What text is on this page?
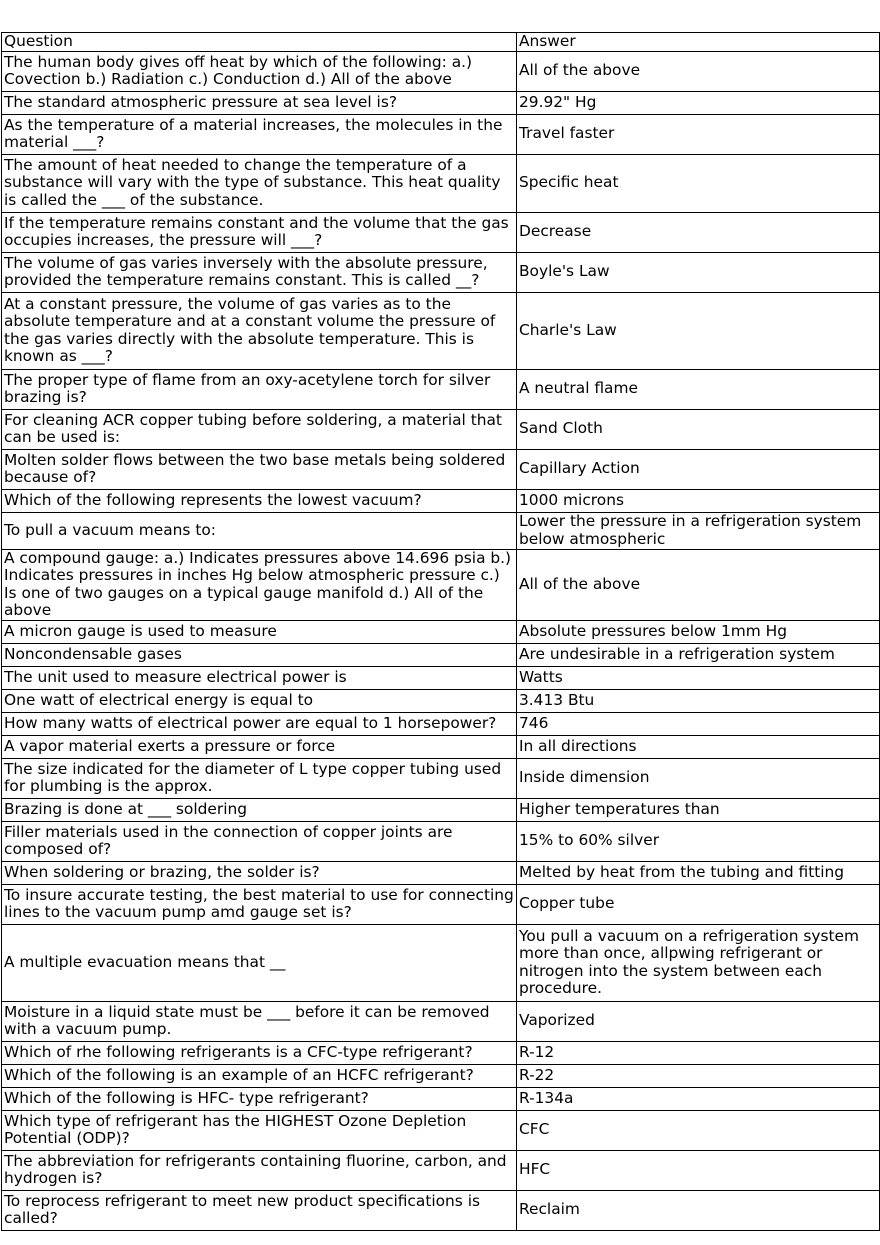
Question	Answer
The human body gives off heat by which of the following: a.) Covection b.) Radiation c.) Conduction d.) All of the above	All of the above
The standard atmospheric pressure at sea level is?	29.92" Hg
As the temperature of a material increases, the molecules in the material ___?	Travel faster
The amount of heat needed to change the temperature of a substance will vary with the type of substance. This heat quality is called the ___ of the substance.	Specific heat
If the temperature remains constant and the volume that the gas occupies increases, the pressure will ___?	Decrease
The volume of gas varies inversely with the absolute pressure, provided the temperature remains constant. This is called __?	Boyle's Law
At a constant pressure, the volume of gas varies as to the absolute temperature and at a constant volume the pressure of the gas varies directly with the absolute temperature. This is known as ___?	Charle's Law
The proper type of flame from an oxy-acetylene torch for silver brazing is?	A neutral flame
For cleaning ACR copper tubing before soldering, a material that can be used is:	Sand Cloth
Molten solder flows between the two base metals being soldered because of?	Capillary Action
Which of the following represents the lowest vacuum?	1000 microns
To pull a vacuum means to:	Lower the pressure in a refrigeration system below atmospheric
A compound gauge: a.) Indicates pressures above 14.696 psia b.) Indicates pressures in inches Hg below atmospheric pressure c.) Is one of two gauges on a typical gauge manifold d.) All of the above	All of the above
A micron gauge is used to measure	Absolute pressures below 1mm Hg
Noncondensable gases	Are undesirable in a refrigeration system
The unit used to measure electrical power is	Watts
One watt of electrical energy is equal to	3.413 Btu
How many watts of electrical power are equal to 1 horsepower?	746
A vapor material exerts a pressure or force	In all directions
The size indicated for the diameter of L type copper tubing used for plumbing is the approx.	Inside dimension
Brazing is done at ___ soldering	Higher temperatures than
Filler materials used in the connection of copper joints are composed of?	15% to 60% silver
When soldering or brazing, the solder is?	Melted by heat from the tubing and fitting
To insure accurate testing, the best material to use for connecting lines to the vacuum pump amd gauge set is?	Copper tube
A multiple evacuation means that __	You pull a vacuum on a refrigeration system more than once, allpwing refrigerant or nitrogen into the system between each procedure.
Moisture in a liquid state must be ___ before it can be removed with a vacuum pump.	Vaporized
Which of rhe following refrigerants is a CFC-type refrigerant?	R-12
Which of the following is an example of an HCFC refrigerant?	R-22
Which of the following is HFC- type refrigerant?	R-134a
Which type of refrigerant has the HIGHEST Ozone Depletion Potential (ODP)?	CFC
The abbreviation for refrigerants containing fluorine, carbon, and hydrogen is?	HFC
To reprocess refrigerant to meet new product specifications is called?	Reclaim
